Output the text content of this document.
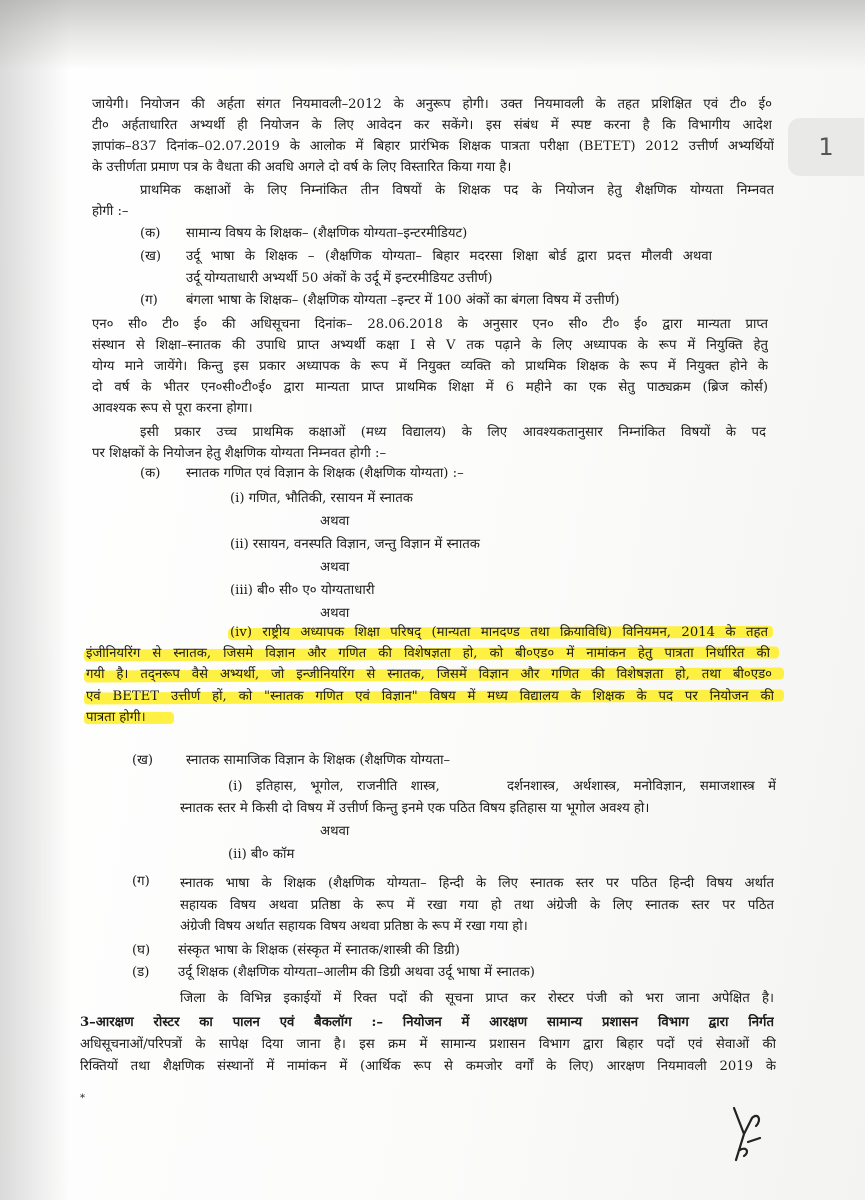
1
जायेगी। नियोजन की अर्हता संगत नियमावली–2012 के अनुरूप होगी। उक्त नियमावली के तहत प्रशिक्षित एवं टी० ई०
टी० अर्हताधारित अभ्यर्थी ही नियोजन के लिए आवेदन कर सकेंगे। इस संबंध में स्पष्ट करना है कि विभागीय आदेश
ज्ञापांक–837 दिनांक–02.07.2019 के आलोक में बिहार प्रारंभिक शिक्षक पात्रता परीक्षा (BETET) 2012 उत्तीर्ण अभ्यर्थियों
के उत्तीर्णता प्रमाण पत्र के वैधता की अवधि अगले दो वर्ष के लिए विस्तारित किया गया है।
प्राथमिक कक्षाओं के लिए निम्नांकित तीन विषयों के शिक्षक पद के नियोजन हेतु शैक्षणिक योग्यता निम्नवत
होगी :–
(क) सामान्य विषय के शिक्षक– (शैक्षणिक योग्यता–इन्टरमीडियट)
(ख) उर्दू भाषा के शिक्षक – (शैक्षणिक योग्यता– बिहार मदरसा शिक्षा बोर्ड द्वारा प्रदत्त मौलवी अथवा
उर्दू योग्यताधारी अभ्यर्थी 50 अंकों के उर्दू में इन्टरमीडियट उत्तीर्ण)
(ग) बंगला भाषा के शिक्षक– (शैक्षणिक योग्यता –इन्टर में 100 अंकों का बंगला विषय में उत्तीर्ण)
एन० सी० टी० ई० की अधिसूचना दिनांक– 28.06.2018 के अनुसार एन० सी० टी० ई० द्वारा मान्यता प्राप्त
संस्थान से शिक्षा–स्नातक की उपाधि प्राप्त अभ्यर्थी कक्षा I से V तक पढ़ाने के लिए अध्यापक के रूप में नियुक्ति हेतु
योग्य माने जायेंगे। किन्तु इस प्रकार अध्यापक के रूप में नियुक्त व्यक्ति को प्राथमिक शिक्षक के रूप में नियुक्त होने के
दो वर्ष के भीतर एन०सी०टी०ई० द्वारा मान्यता प्राप्त प्राथमिक शिक्षा में 6 महीने का एक सेतु पाठ्यक्रम (ब्रिज कोर्स)
आवश्यक रूप से पूरा करना होगा।
इसी प्रकार उच्च प्राथमिक कक्षाओं (मध्य विद्यालय) के लिए आवश्यकतानुसार निम्नांकित विषयों के पद
पर शिक्षकों के नियोजन हेतु शैक्षणिक योग्यता निम्नवत होगी :–
(क) स्नातक गणित एवं विज्ञान के शिक्षक (शैक्षणिक योग्यता) :–
(i) गणित, भौतिकी, रसायन में स्नातक
अथवा
(ii) रसायन, वनस्पति विज्ञान, जन्तु विज्ञान में स्नातक
अथवा
(iii) बी० सी० ए० योग्यताधारी
अथवा
(iv) राष्ट्रीय अध्यापक शिक्षा परिषद् (मान्यता मानदण्ड तथा क्रियाविधि) विनियमन, 2014 के तहत
इंजीनियरिंग से स्नातक, जिसमे विज्ञान और गणित की विशेषज्ञता हो, को बी०एड० में नामांकन हेतु पात्रता निर्धारित की
गयी है। तद्नरूप वैसे अभ्यर्थी, जो इन्जीनियरिंग से स्नातक, जिसमें विज्ञान और गणित की विशेषज्ञता हो, तथा बी०एड०
एवं BETET उत्तीर्ण हों, को "स्नातक गणित एवं विज्ञान" विषय में मध्य विद्यालय के शिक्षक के पद पर नियोजन की
पात्रता होगी।
(ख) स्नातक सामाजिक विज्ञान के शिक्षक (शैक्षणिक योग्यता–
(i) इतिहास, भूगोल, राजनीति शास्त्र,     दर्शनशास्त्र, अर्थशास्त्र, मनोविज्ञान, समाजशास्त्र में
स्नातक स्तर मे किसी दो विषय में उत्तीर्ण किन्तु इनमे एक पठित विषय इतिहास या भूगोल अवश्य हो।
अथवा
(ii) बी० कॉम
(ग) स्नातक भाषा के शिक्षक (शैक्षणिक योग्यता– हिन्दी के लिए स्नातक स्तर पर पठित हिन्दी विषय अर्थात
सहायक विषय अथवा प्रतिष्ठा के रूप में रखा गया हो तथा अंग्रेजी के लिए स्नातक स्तर पर पठित
अंग्रेजी विषय अर्थात सहायक विषय अथवा प्रतिष्ठा के रूप में रखा गया हो।
(घ) संस्कृत भाषा के शिक्षक (संस्कृत में स्नातक/शास्त्री की डिग्री)
(ड) उर्दू शिक्षक (शैक्षणिक योग्यता–आलीम की डिग्री अथवा उर्दू भाषा में स्नातक)
जिला के विभिन्न इकाईयों में रिक्त पदों की सूचना प्राप्त कर रोस्टर पंजी को भरा जाना अपेक्षित है।
3–आरक्षण रोस्टर का पालन एवं बैकलॉग :– नियोजन में आरक्षण सामान्य प्रशासन विभाग द्वारा निर्गत
अधिसूचनाओं/परिपत्रों के सापेक्ष दिया जाना है। इस क्रम में सामान्य प्रशासन विभाग द्वारा बिहार पदों एवं सेवाओं की
रिक्तियों तथा शैक्षणिक संस्थानों में नामांकन में (आर्थिक रूप से कमजोर वर्गों के लिए) आरक्षण नियमावली 2019 के
*
